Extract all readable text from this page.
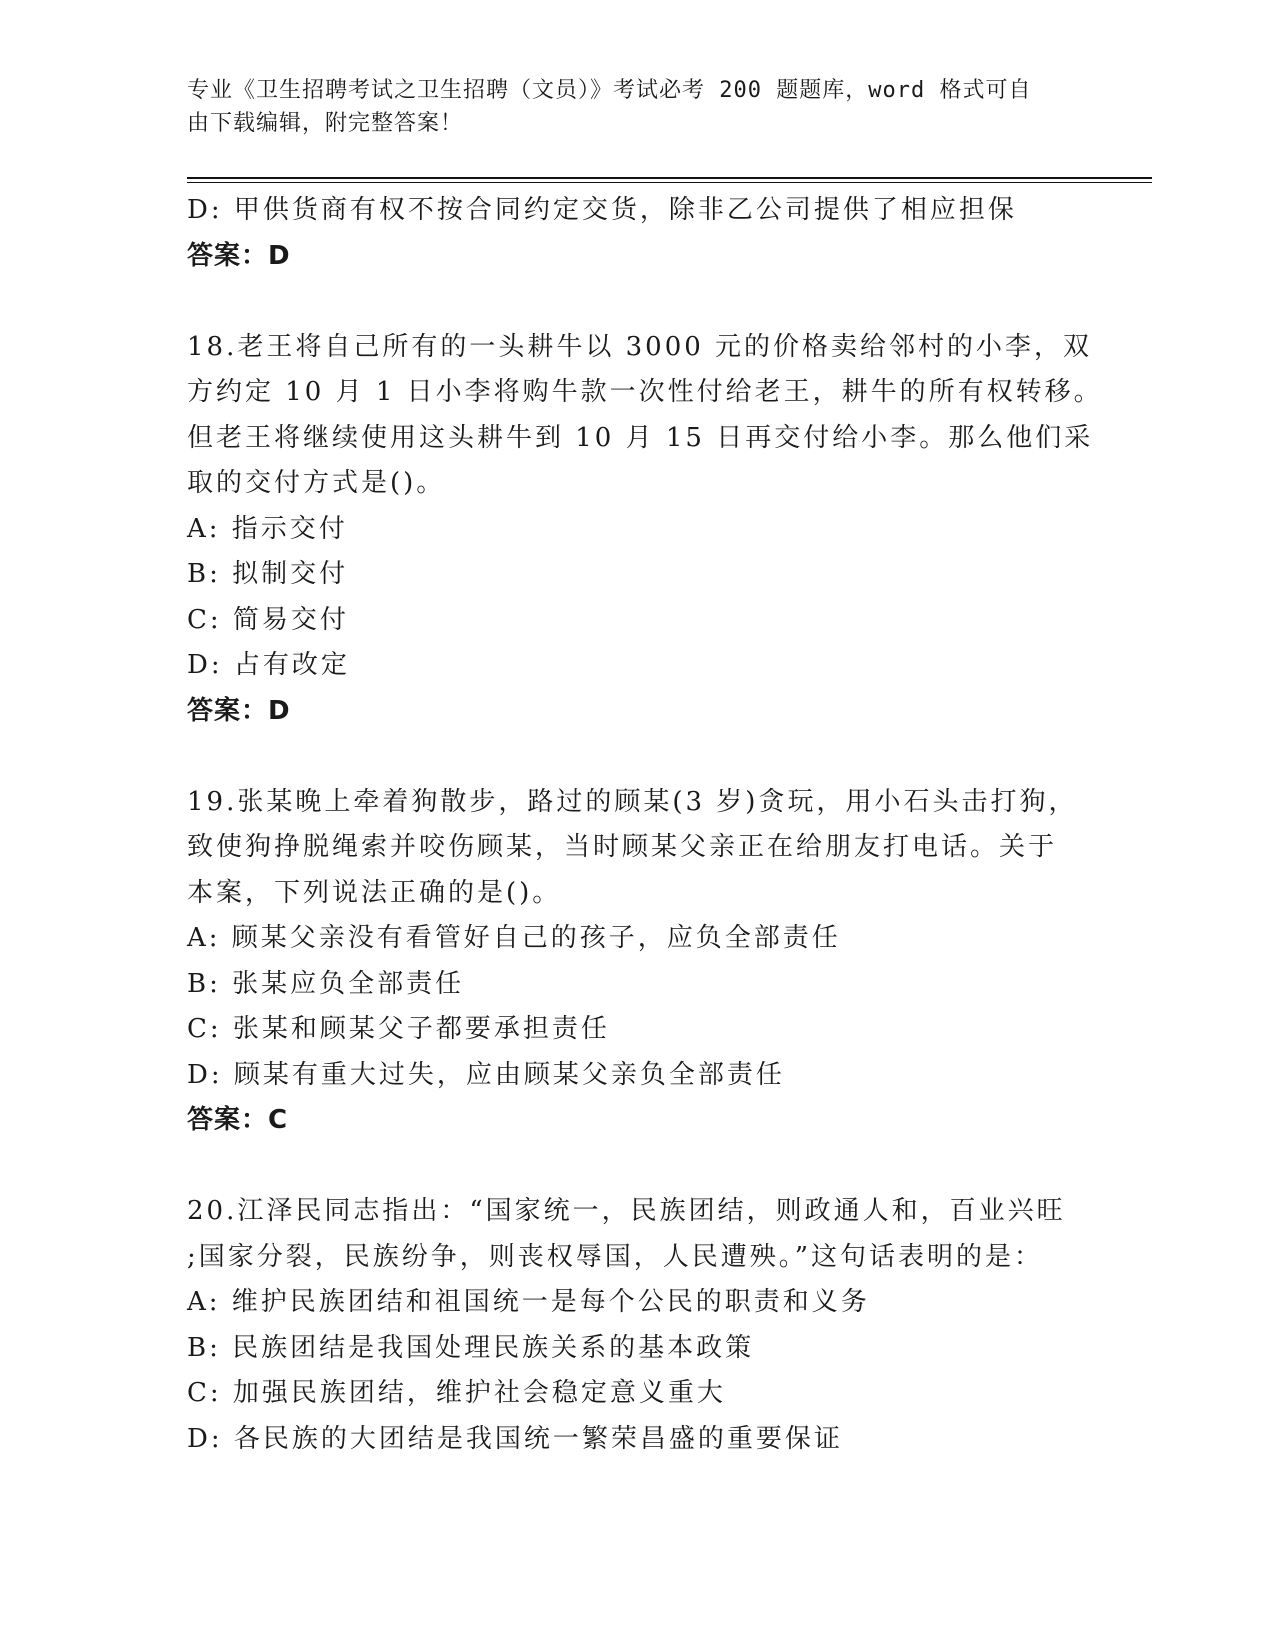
专业《卫生招聘考试之卫生招聘（文员）》考试必考 200 题题库，word 格式可自
由下载编辑，附完整答案！
D: 甲供货商有权不按合同约定交货，除非乙公司提供了相应担保
答案：D
18.老王将自己所有的一头耕牛以 3000 元的价格卖给邻村的小李，双
方约定 10 月 1 日小李将购牛款一次性付给老王，耕牛的所有权转移。
但老王将继续使用这头耕牛到 10 月 15 日再交付给小李。那么他们采
取的交付方式是()。
A: 指示交付
B: 拟制交付
C: 简易交付
D: 占有改定
答案：D
19.张某晚上牵着狗散步，路过的顾某(3 岁)贪玩，用小石头击打狗，
致使狗挣脱绳索并咬伤顾某，当时顾某父亲正在给朋友打电话。关于
本案，下列说法正确的是()。
A: 顾某父亲没有看管好自己的孩子，应负全部责任
B: 张某应负全部责任
C: 张某和顾某父子都要承担责任
D: 顾某有重大过失，应由顾某父亲负全部责任
答案：C
20.江泽民同志指出：“国家统一，民族团结，则政通人和，百业兴旺
;国家分裂，民族纷争，则丧权辱国，人民遭殃。”这句话表明的是：
A: 维护民族团结和祖国统一是每个公民的职责和义务
B: 民族团结是我国处理民族关系的基本政策
C: 加强民族团结，维护社会稳定意义重大
D: 各民族的大团结是我国统一繁荣昌盛的重要保证
